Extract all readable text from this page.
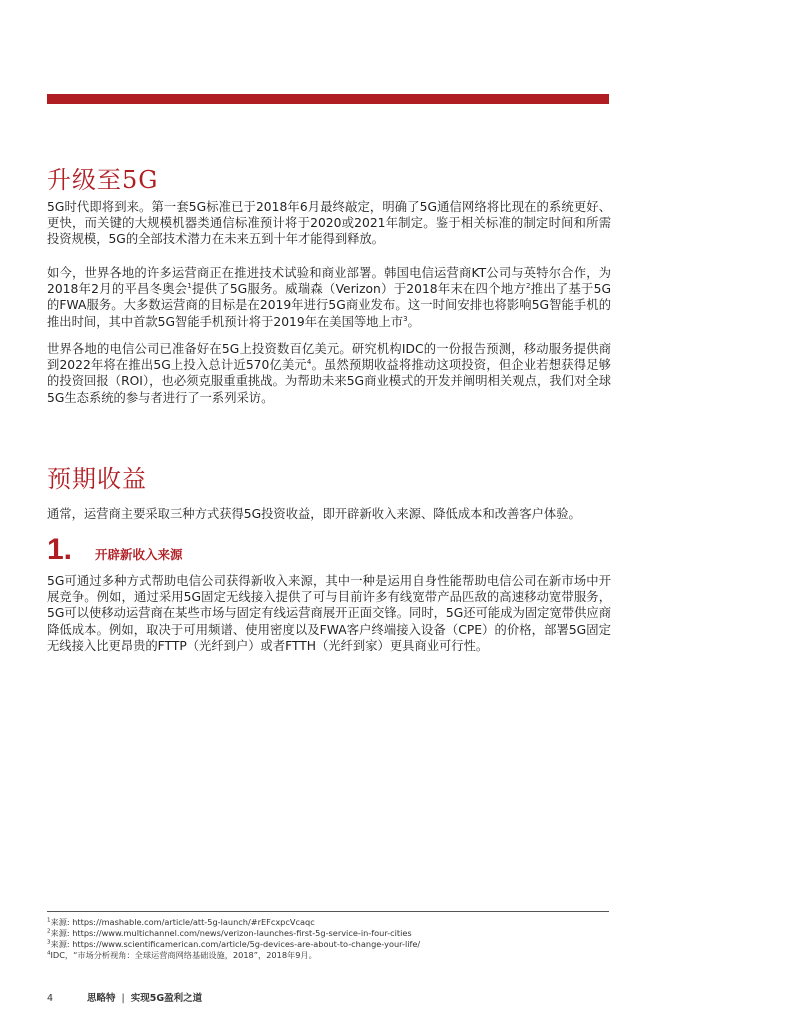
升级至5G

5G时代即将到来。第一套5G标准已于2018年6月最终敲定，明确了5G通信网络将比现在的系统更好、更快，而关键的大规模机器类通信标准预计将于2020或2021年制定。鉴于相关标准的制定时间和所需投资规模，5G的全部技术潜力在未来五到十年才能得到释放。

如今，世界各地的许多运营商正在推进技术试验和商业部署。韩国电信运营商KT公司与英特尔合作，为2018年2月的平昌冬奥会$^1$提供了5G服务。威瑞森（Verizon）于2018年末在四个地方$^2$推出了基于5G的FWA服务。大多数运营商的目标是在2019年进行5G商业发布。这一时间安排也将影响5G智能手机的推出时间，其中首款5G智能手机预计将于2019年在美国等地上市$^3$。

世界各地的电信公司已准备好在5G上投资数百亿美元。研究机构IDC的一份报告预测，移动服务提供商到2022年将在推出5G上投入总计近570亿美元$^4$。虽然预期收益将推动这项投资，但企业若想获得足够的投资回报（ROI），也必须克服重重挑战。为帮助未来5G商业模式的开发并阐明相关观点，我们对全球5G生态系统的参与者进行了一系列采访。

预期收益

通常，运营商主要采取三种方式获得5G投资收益，即开辟新收入来源、降低成本和改善客户体验。

1. 开辟新收入来源

5G可通过多种方式帮助电信公司获得新收入来源，其中一种是运用自身性能帮助电信公司在新市场中开展竞争。例如，通过采用5G固定无线接入提供了可与目前许多有线宽带产品匹敌的高速移动宽带服务，5G可以使移动运营商在某些市场与固定有线运营商展开正面交锋。同时，5G还可能成为固定宽带供应商降低成本。例如，取决于可用频谱、使用密度以及FWA客户终端接入设备（CPE）的价格，部署5G固定无线接入比更昂贵的FTTP（光纤到户）或者FTTH（光纤到家）更具商业可行性。

$^1$来源: https://mashable.com/article/att-5g-launch/#rEFcxpcVcaqc
$^2$来源: https://www.multichannel.com/news/verizon-launches-first-5g-service-in-four-cities
$^3$来源: https://www.scientificamerican.com/article/5g-devices-are-about-to-change-your-life/
$^4$IDC，“市场分析视角：全球运营商网络基础设施，2018”，2018年9月。
4	思略特 | 实现5G盈利之道
